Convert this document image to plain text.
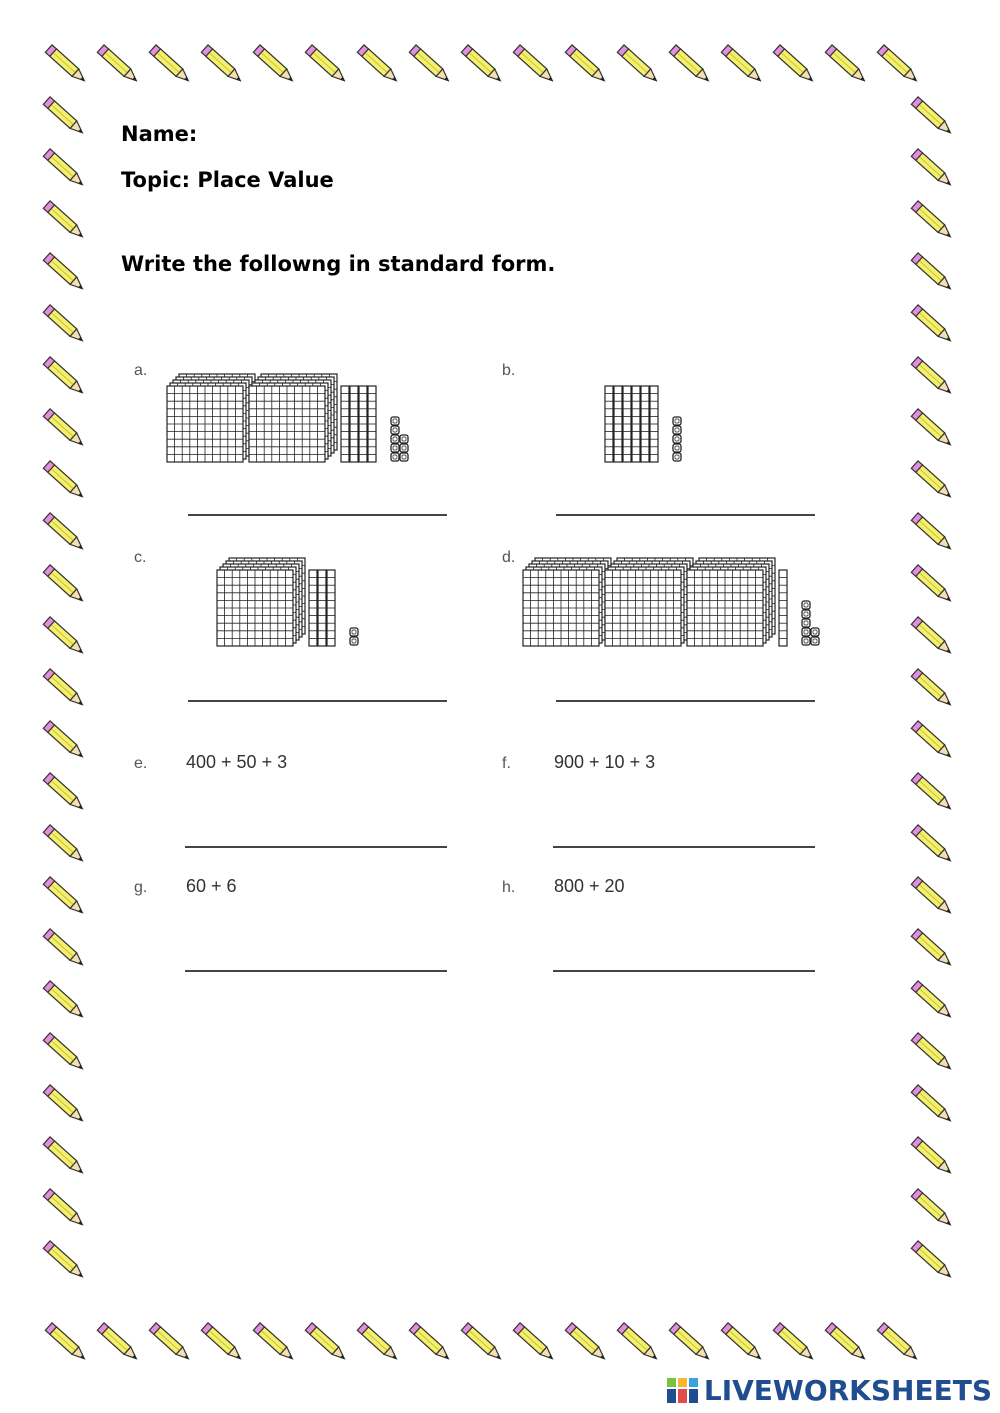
Name:
Topic: Place Value

Write the followng in standard form.

a.	b.
c.	d.
e.	f.
g.	h.
400 + 50 + 3	900 + 10 + 3
60 + 6	800 + 20
LIVEWORKSHEETS
